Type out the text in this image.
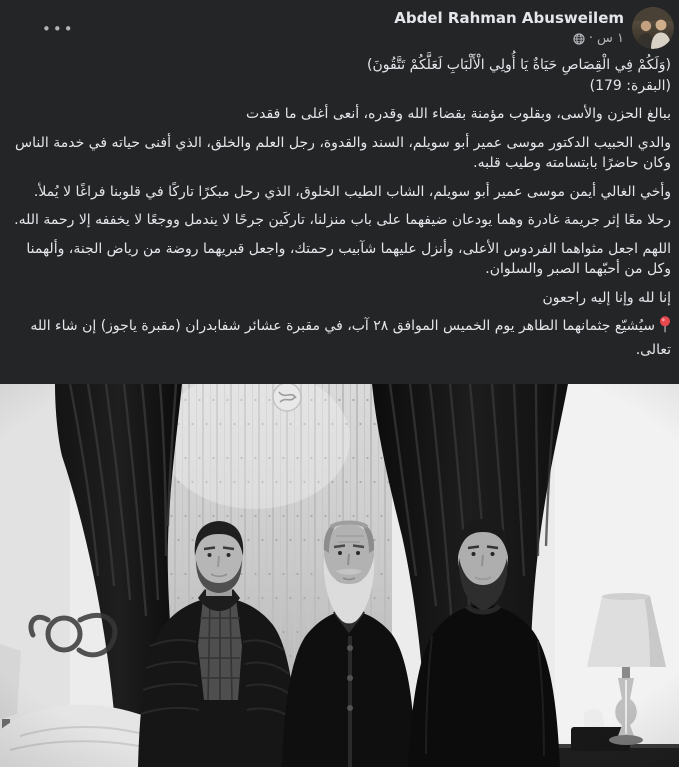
Abdel Rahman Abusweilem
١ س
·
•••

(وَلَكُمْ فِي الْقِصَاصِ حَيَاةٌ يَا أُولِي الْأَلْبَابِ لَعَلَّكُمْ تَتَّقُونَ)

(البقرة: 179)

ببالغ الحزن والأسى، وبقلوب مؤمنة بقضاء الله وقدره، أنعى أغلى ما فقدت

والدي الحبيب الدكتور موسى عمير أبو سويلم، السند والقدوة، رجل العلم والخلق، الذي أفنى حياته في خدمة الناس وكان حاضرًا بابتسامته وطيب قلبه.

وأخي الغالي أيمن موسى عمير أبو سويلم، الشاب الطيب الخلوق، الذي رحل مبكرًا تاركًا في قلوبنا فراغًا لا يُملأ.

رحلا معًا إثر جريمة غادرة وهما يودعان ضيفهما على باب منزلنا، تاركَين جرحًا لا يندمل ووجعًا لا يخففه إلا رحمة الله.

اللهم اجعل مثواهما الفردوس الأعلى، وأنزل عليهما شآبيب رحمتك، واجعل قبريهما روضة من رياض الجنة، وألهمنا وكل من أحبّهما الصبر والسلوان.

إنا لله وإنا إليه راجعون

سيُشيّع جثمانهما الطاهر يوم الخميس الموافق ٢٨ آب، في مقبرة عشائر شفابدران (مقبرة ياجوز) إن شاء الله تعالى.
